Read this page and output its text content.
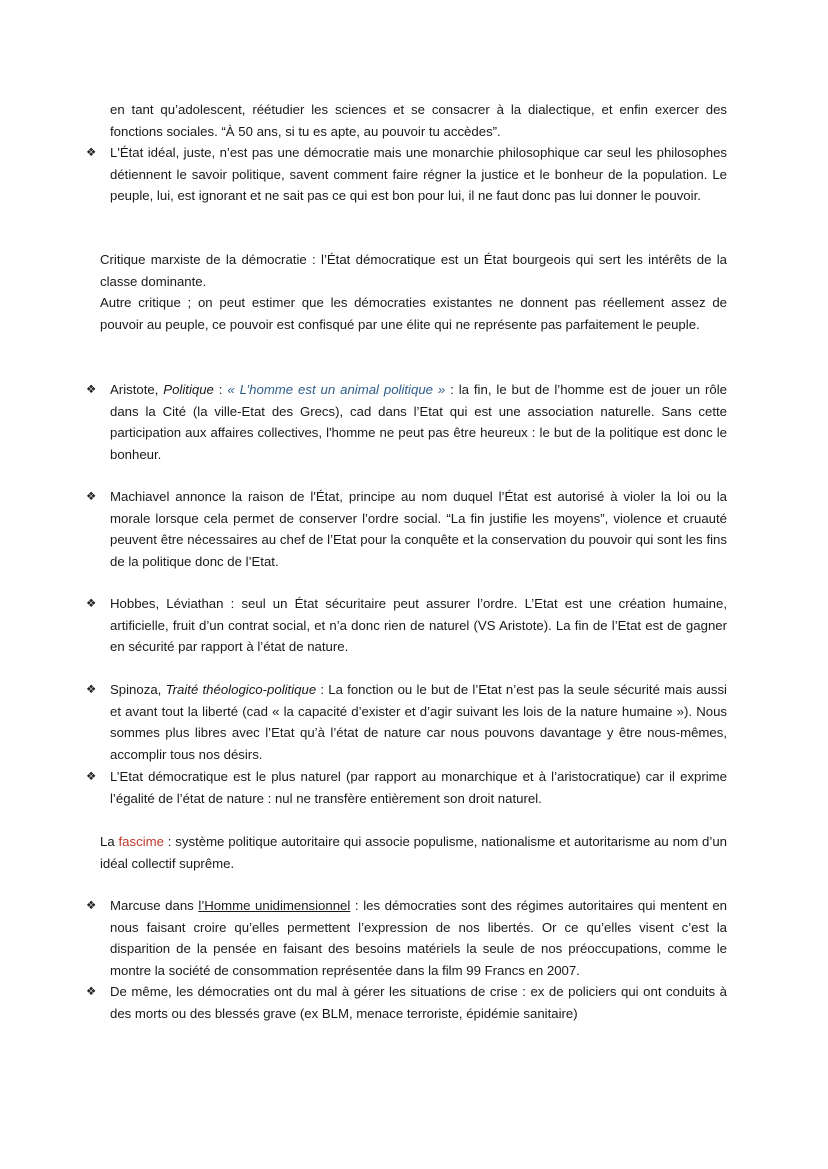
en tant qu’adolescent, réétudier les sciences et se consacrer à la dialectique, et enfin exercer des fonctions sociales. “À 50 ans, si tu es apte, au pouvoir tu accèdes”.

❖ L'État idéal, juste, n’est pas une démocratie mais une monarchie philosophique car seul les philosophes détiennent le savoir politique, savent comment faire régner la justice et le bonheur de la population. Le peuple, lui, est ignorant et ne sait pas ce qui est bon pour lui, il ne faut donc pas lui donner le pouvoir.

Critique marxiste de la démocratie : l’État démocratique est un État bourgeois qui sert les intérêts de la classe dominante.

Autre critique ; on peut estimer que les démocraties existantes ne donnent pas réellement assez de pouvoir au peuple, ce pouvoir est confisqué par une élite qui ne représente pas parfaitement le peuple.

❖ Aristote, Politique : « L’homme est un animal politique » : la fin, le but de l’homme est de jouer un rôle dans la Cité (la ville-Etat des Grecs), cad dans l’Etat qui est une association naturelle. Sans cette participation aux affaires collectives, l'homme ne peut pas être heureux : le but de la politique est donc le bonheur.

❖ Machiavel annonce la raison de l'État, principe au nom duquel l’État est autorisé à violer la loi ou la morale lorsque cela permet de conserver l’ordre social. “La fin justifie les moyens”, violence et cruauté peuvent être nécessaires au chef de l’Etat pour la conquête et la conservation du pouvoir qui sont les fins de la politique donc de l’Etat.

❖ Hobbes, Léviathan : seul un État sécuritaire peut assurer l’ordre. L’Etat est une création humaine, artificielle, fruit d’un contrat social, et n’a donc rien de naturel (VS Aristote). La fin de l’Etat est de gagner en sécurité par rapport à l’état de nature.

❖ Spinoza, Traité théologico-politique : La fonction ou le but de l’Etat n’est pas la seule sécurité mais aussi et avant tout la liberté (cad « la capacité d’exister et d’agir suivant les lois de la nature humaine »). Nous sommes plus libres avec l’Etat qu’à l’état de nature car nous pouvons davantage y être nous-mêmes, accomplir tous nos désirs.

❖ L’Etat démocratique est le plus naturel (par rapport au monarchique et à l’aristocratique) car il exprime l’égalité de l’état de nature : nul ne transfère entièrement son droit naturel.

La fascime : système politique autoritaire qui associe populisme, nationalisme et autoritarisme au nom d’un idéal collectif suprême.

❖ Marcuse dans l’Homme unidimensionnel : les démocraties sont des régimes autoritaires qui mentent en nous faisant croire qu’elles permettent l’expression de nos libertés. Or ce qu’elles visent c’est la disparition de la pensée en faisant des besoins matériels la seule de nos préoccupations, comme le montre la société de consommation représentée dans la film 99 Francs en 2007.

❖ De même, les démocraties ont du mal à gérer les situations de crise : ex de policiers qui ont conduits à des morts ou des blessés grave (ex BLM, menace terroriste, épidémie sanitaire)
